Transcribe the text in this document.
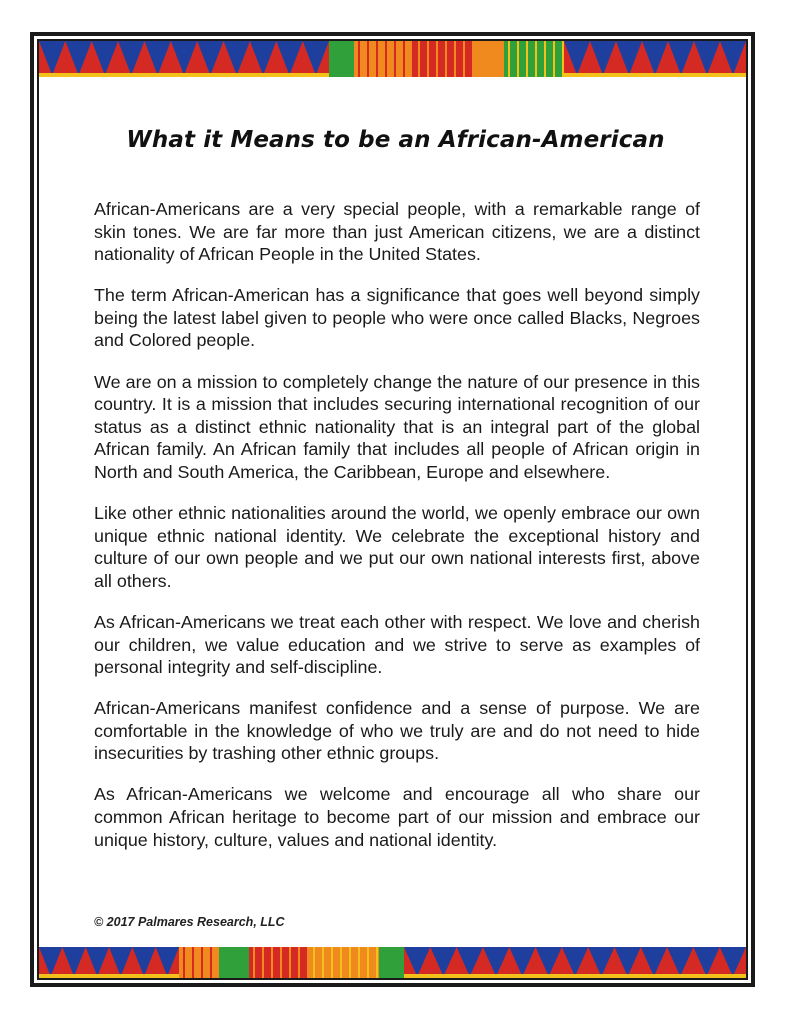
What it Means to be an African-American

African-Americans are a very special people, with a remarkable range of skin tones. We are far more than just American citizens, we are a distinct nationality of African People in the United States.

The term African-American has a significance that goes well beyond simply being the latest label given to people who were once called Blacks, Negroes and Colored people.

We are on a mission to completely change the nature of our presence in this country. It is a mission that includes securing international recognition of our status as a distinct ethnic nationality that is an integral part of the global African family. An African family that includes all people of African origin in North and South America, the Caribbean, Europe and elsewhere.

Like other ethnic nationalities around the world, we openly embrace our own unique ethnic national identity. We celebrate the exceptional history and culture of our own people and we put our own national interests first, above all others.

As African-Americans we treat each other with respect. We love and cherish our children, we value education and we strive to serve as examples of personal integrity and self-discipline.

African-Americans manifest confidence and a sense of purpose. We are comfortable in the knowledge of who we truly are and do not need to hide insecurities by trashing other ethnic groups.

As African-Americans we welcome and encourage all who share our common African heritage to become part of our mission and embrace our unique history, culture, values and national identity.

© 2017 Palmares Research, LLC
